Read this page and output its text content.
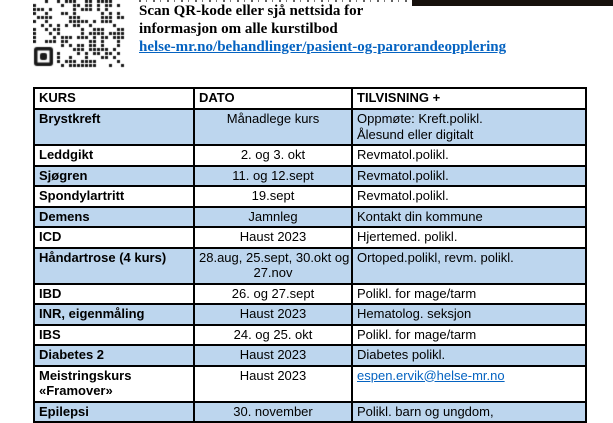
Scan QR-kode eller sjå nettsida for
informasjon om alle kurstilbod
helse-mr.no/behandlinger/pasient-og-parorandeopplering
KURS	DATO	TILVISNING +

Brystkreft	Månadlege kurs	Oppmøte: Kreft.polikl.
Ålesund eller digitalt

Leddgikt	2. og 3. okt	Revmatol.polikl.

Sjøgren	11. og 12.sept	Revmatol.polikl.

Spondylartritt	19.sept	Revmatol.polikl.

Demens	Jamnleg	Kontakt din kommune

ICD	Haust 2023	Hjertemed. polikl.

Håndartrose (4 kurs)	28.aug, 25.sept, 30.okt og
27.nov	Ortoped.polikl, revm. polikl.

IBD	26. og 27.sept	Polikl. for mage/tarm

INR, eigenmåling	Haust 2023	Hematolog. seksjon

IBS	24. og 25. okt	Polikl. for mage/tarm

Diabetes 2	Haust 2023	Diabetes polikl.

Meistringskurs
«Framover»	Haust 2023	espen.ervik@helse-mr.no

Epilepsi	30. november	Polikl. barn og ungdom,
